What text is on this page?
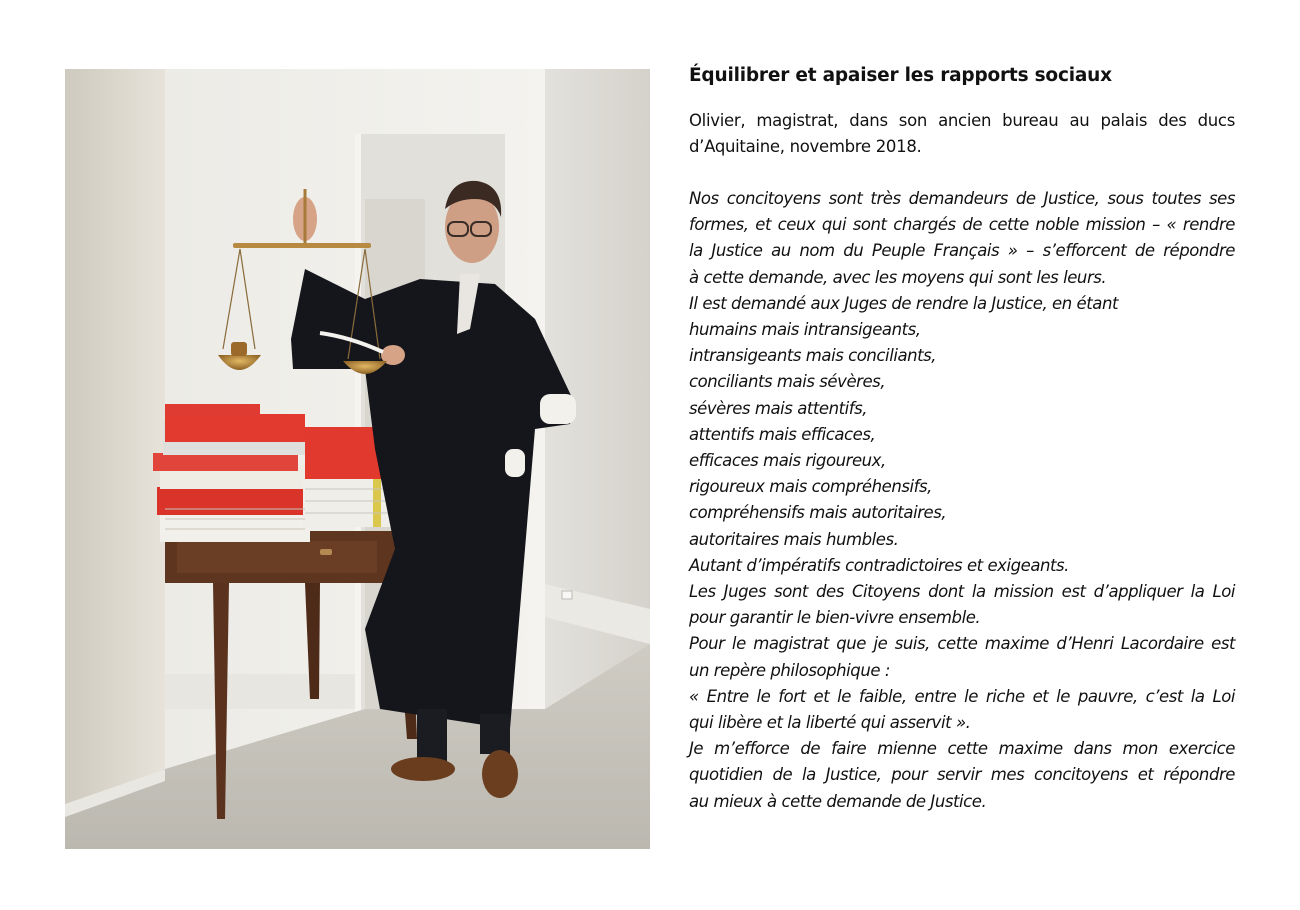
Équilibrer et apaiser les rapports sociaux

Olivier, magistrat, dans son ancien bureau au palais des ducs d’Aquitaine, novembre 2018.

Nos concitoyens sont très demandeurs de Justice, sous toutes ses
formes, et ceux qui sont chargés de cette noble mission – « rendre
la Justice au nom du Peuple Français » – s’efforcent de répondre
à cette demande, avec les moyens qui sont les leurs.
Il est demandé aux Juges de rendre la Justice, en étant
humains mais intransigeants,
intransigeants mais conciliants,
conciliants mais sévères,
sévères mais attentifs,
attentifs mais efficaces,
efficaces mais rigoureux,
rigoureux mais compréhensifs,
compréhensifs mais autoritaires,
autoritaires mais humbles.
Autant d’impératifs contradictoires et exigeants.
Les Juges sont des Citoyens dont la mission est d’appliquer la Loi
pour garantir le bien-vivre ensemble.
Pour le magistrat que je suis, cette maxime d’Henri Lacordaire est
un repère philosophique :
« Entre le fort et le faible, entre le riche et le pauvre, c’est la Loi
qui libère et la liberté qui asservit ».
Je m’efforce de faire mienne cette maxime dans mon exercice
quotidien de la Justice, pour servir mes concitoyens et répondre
au mieux à cette demande de Justice.
